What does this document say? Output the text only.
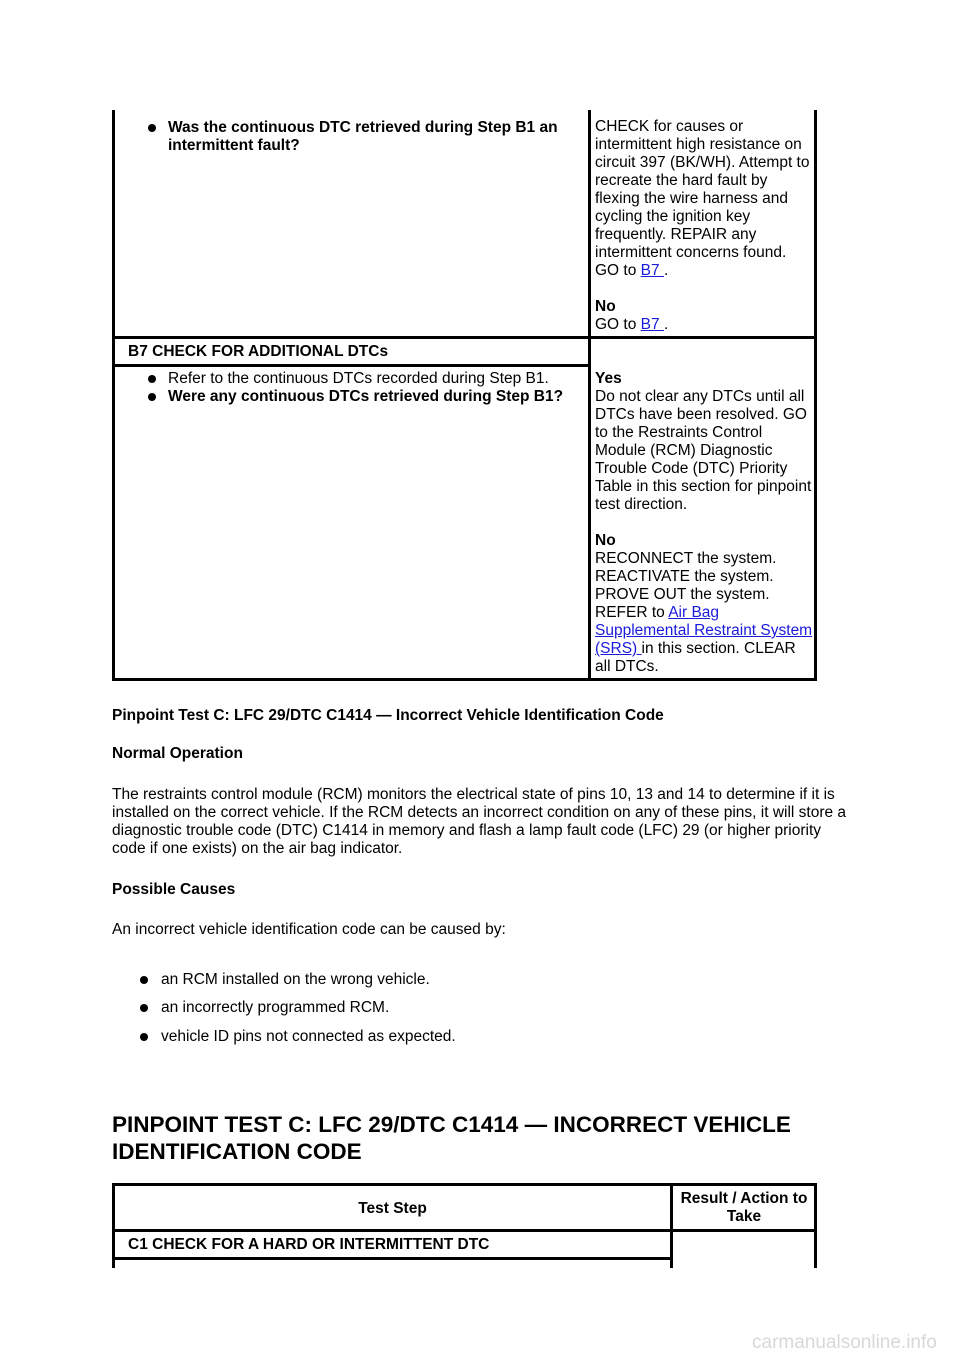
Was the continuous DTC retrieved during Step B1 an intermittent fault?
CHECK for causes or intermittent high resistance on circuit 397 (BK/WH). Attempt to recreate the hard fault by flexing the wire harness and cycling the ignition key frequently. REPAIR any intermittent concerns found.
GO to B7 .
No
GO to B7 .
B7 CHECK FOR ADDITIONAL DTCs
Refer to the continuous DTCs recorded during Step B1.
Were any continuous DTCs retrieved during Step B1?
Yes
Do not clear any DTCs until all DTCs have been resolved. GO to the Restraints Control Module (RCM) Diagnostic Trouble Code (DTC) Priority Table in this section for pinpoint test direction.
No
RECONNECT the system. REACTIVATE the system. PROVE OUT the system. REFER to Air Bag Supplemental Restraint System (SRS) in this section. CLEAR all DTCs.
Pinpoint Test C: LFC 29/DTC C1414 — Incorrect Vehicle Identification Code
Normal Operation
The restraints control module (RCM) monitors the electrical state of pins 10, 13 and 14 to determine if it is installed on the correct vehicle. If the RCM detects an incorrect condition on any of these pins, it will store a diagnostic trouble code (DTC) C1414 in memory and flash a lamp fault code (LFC) 29 (or higher priority code if one exists) on the air bag indicator.
Possible Causes
An incorrect vehicle identification code can be caused by:
an RCM installed on the wrong vehicle.
an incorrectly programmed RCM.
vehicle ID pins not connected as expected.
PINPOINT TEST C: LFC 29/DTC C1414 — INCORRECT VEHICLE IDENTIFICATION CODE
Test Step
Result / Action to Take
C1 CHECK FOR A HARD OR INTERMITTENT DTC
carmanualsonline.info
